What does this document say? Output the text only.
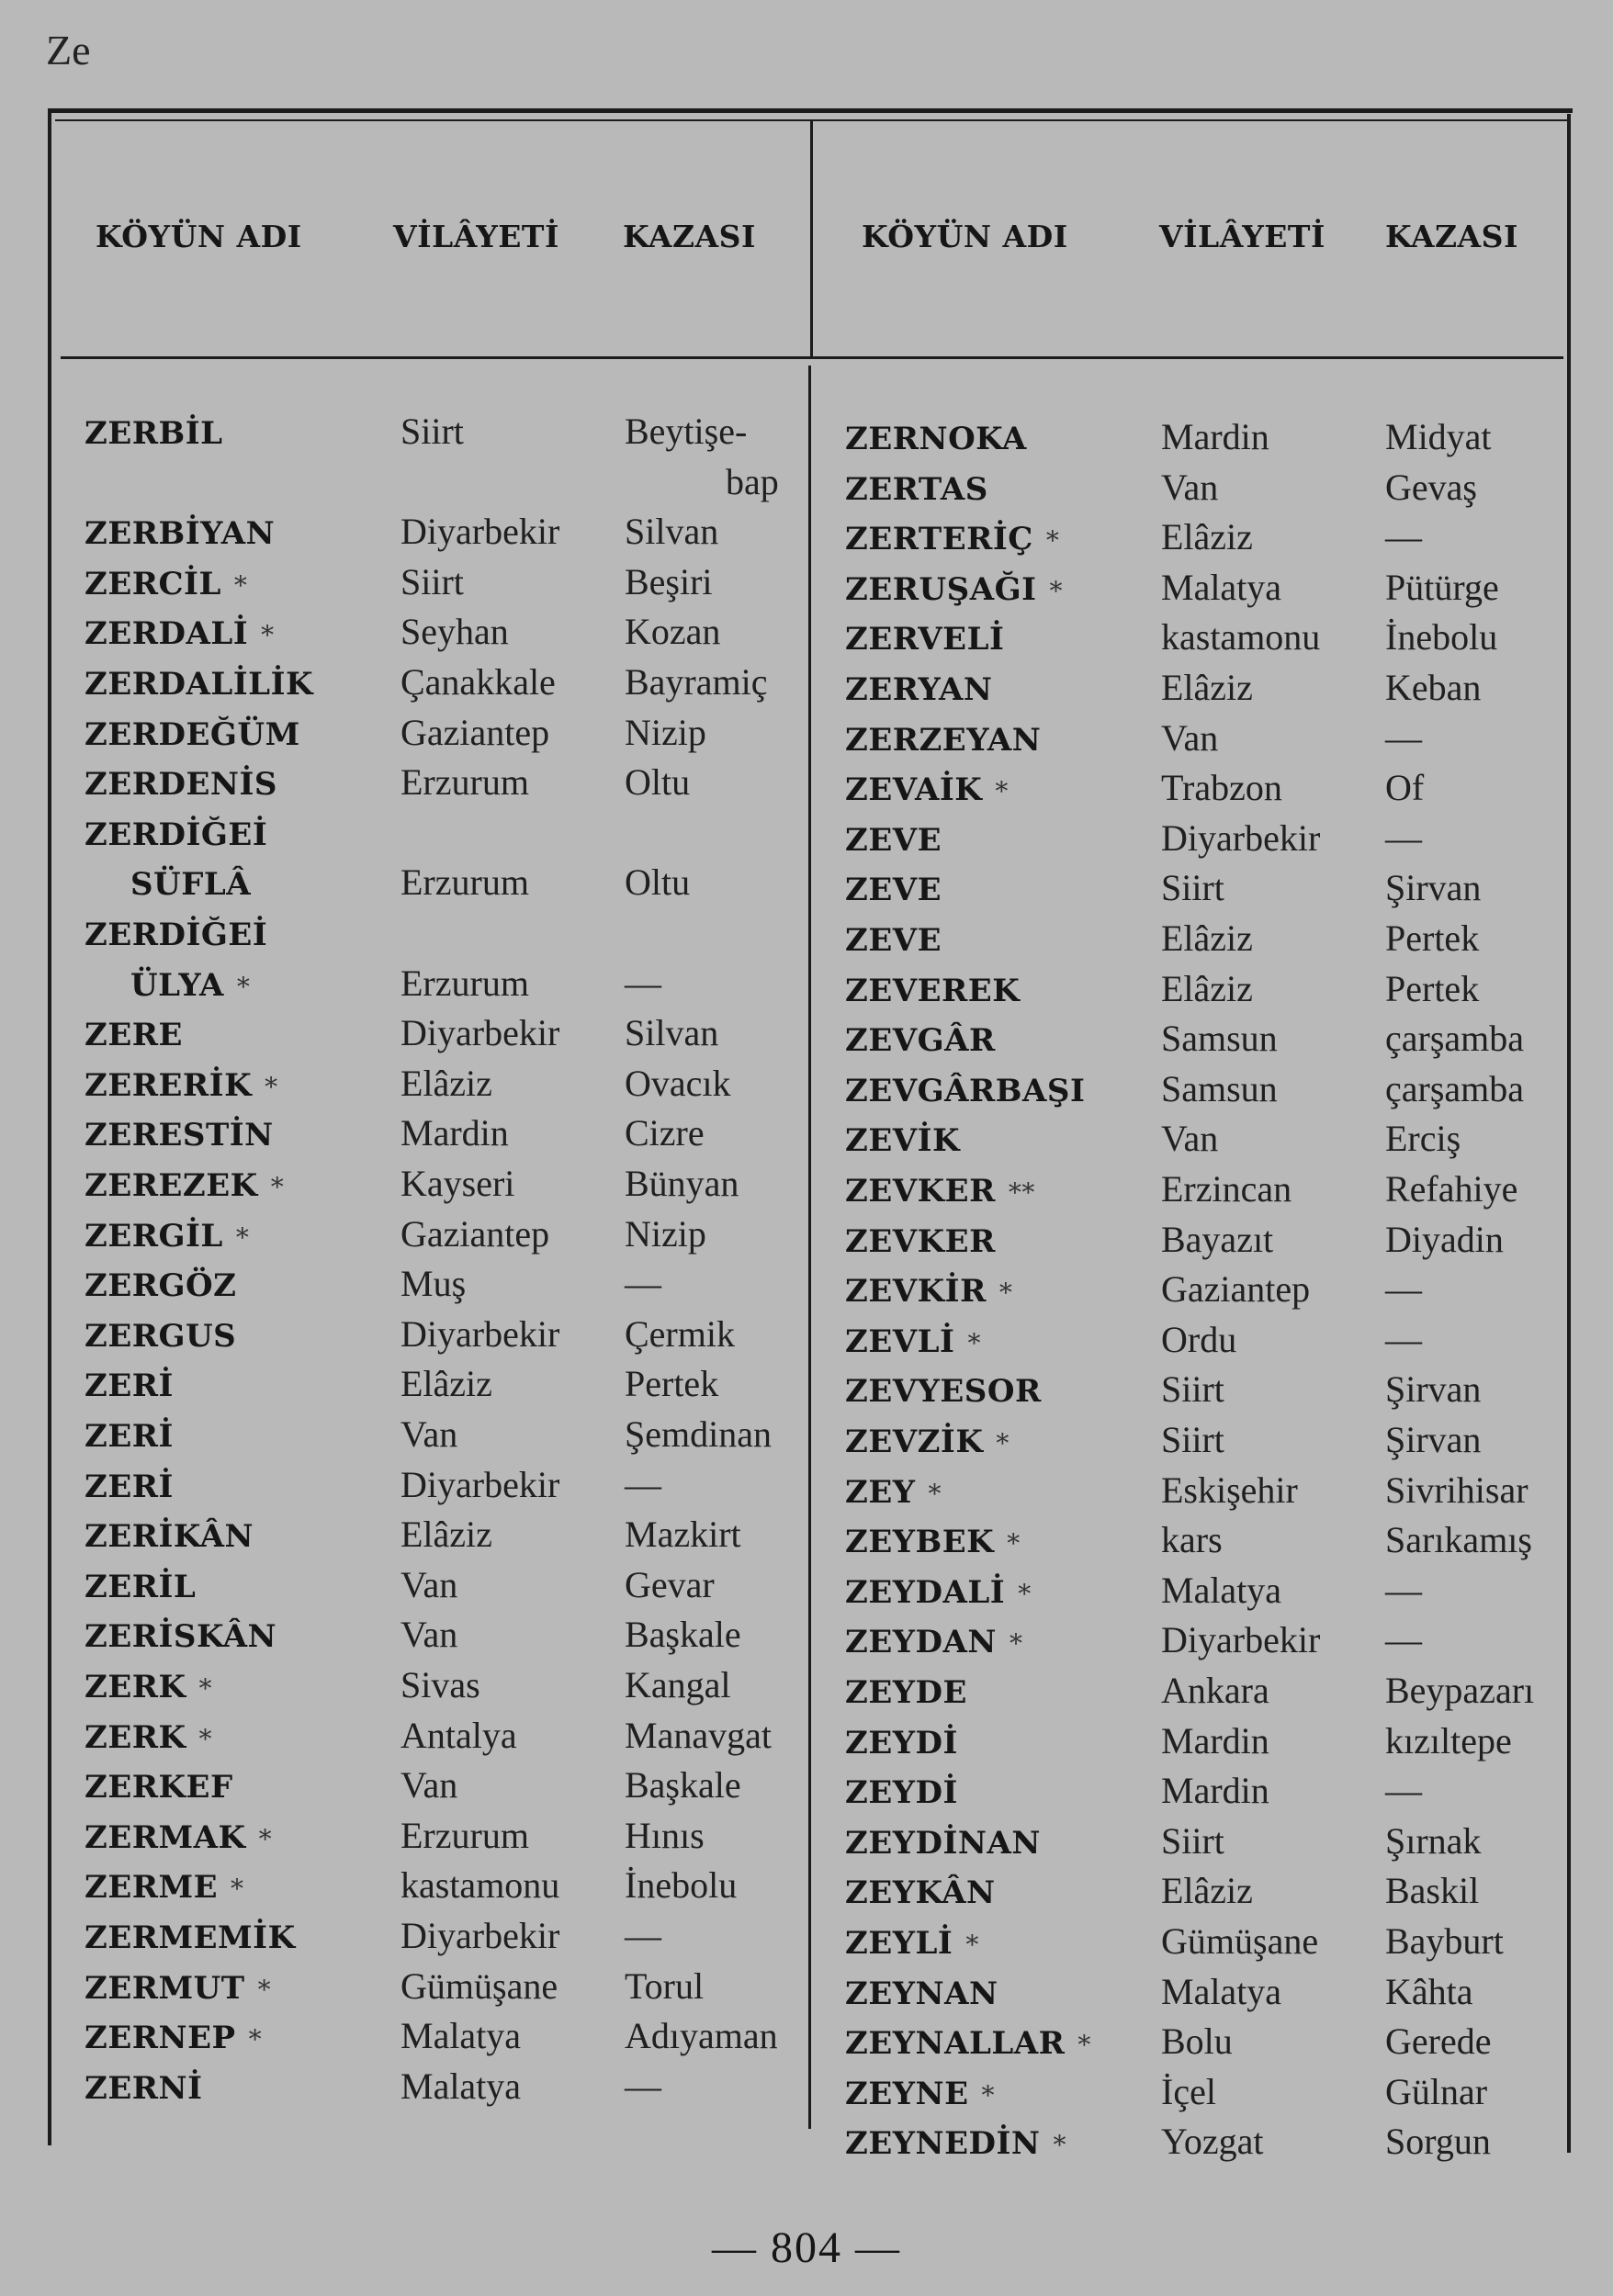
Ze
KÖYÜN ADI	VİLÂYETİ KAZASI	KÖYÜN ADI	VİLÂYETİ KAZASI
ZERBİL	Siirt	Beytişe-
bap
ZERBİYAN	Diyarbekir Silvan
ZERCİL *	Siirt	Beşiri
ZERDALİ *	Seyhan	Kozan
ZERDALİLİK Çanakkale Bayramiç
ZERDEĞÜM	Gaziantep Nizip
ZERDENİS	Erzurum	Oltu
ZERDİĞEİ
SÜFLÂ	Erzurum	Oltu
ZERDİĞEİ
ÜLYA *	Erzurum	—
ZERE	Diyarbekir Silvan
ZERERİK *	Elâziz	Ovacık
ZERESTİN	Mardin	Cizre
ZEREZEK *	Kayseri	Bünyan
ZERGİL *	Gaziantep Nizip
ZERGÖZ	Muş	—
ZERGUS	Diyarbekir Çermik
ZERİ	Elâziz	Pertek
ZERİ	Van	Şemdinan
ZERİ	Diyarbekir —
ZERİKÂN	Elâziz	Mazkirt
ZERİL	Van	Gevar
ZERİSKÂN	Van	Başkale
ZERK *	Sivas	Kangal
ZERK *	Antalya	Manavgat
ZERKEF	Van	Başkale
ZERMAK *	Erzurum	Hınıs
ZERME *	kastamonu İnebolu
ZERMEMİK	Diyarbekir —
ZERMUT *	Gümüşane Torul
ZERNEP *	Malatya	Adıyaman
ZERNİ	Malatya	—
ZERNOKA	Mardin	Midyat
ZERTAS	Van	Gevaş
ZERTERİÇ *	Elâziz	—
ZERUŞAĞI *	Malatya	Pütürge
ZERVELİ	kastamonu İnebolu
ZERYAN	Elâziz	Keban
ZERZEYAN	Van	—
ZEVAİK *	Trabzon	Of
ZEVE	Diyarbekir —
ZEVE	Siirt	Şirvan
ZEVE	Elâziz	Pertek
ZEVEREK	Elâziz	Pertek
ZEVGÂR	Samsun	çarşamba
ZEVGÂRBAŞI Samsun	çarşamba
ZEVİK	Van	Erciş
ZEVKER **	Erzincan	Refahiye
ZEVKER	Bayazıt	Diyadin
ZEVKİR *	Gaziantep —
ZEVLİ *	Ordu	—
ZEVYESOR	Siirt	Şirvan
ZEVZİK *	Siirt	Şirvan
ZEY *	Eskişehir Sivrihisar
ZEYBEK *	kars	Sarıkamış
ZEYDALİ *	Malatya	—
ZEYDAN *	Diyarbekir —
ZEYDE	Ankara	Beypazarı
ZEYDİ	Mardin	kızıltepe
ZEYDİ	Mardin	—
ZEYDİNAN	Siirt	Şırnak
ZEYKÂN	Elâziz	Baskil
ZEYLİ *	Gümüşane Bayburt
ZEYNAN	Malatya	Kâhta
ZEYNALLAR * Bolu	Gerede
ZEYNE *	İçel	Gülnar
ZEYNEDİN *	Yozgat	Sorgun
— 804 —
